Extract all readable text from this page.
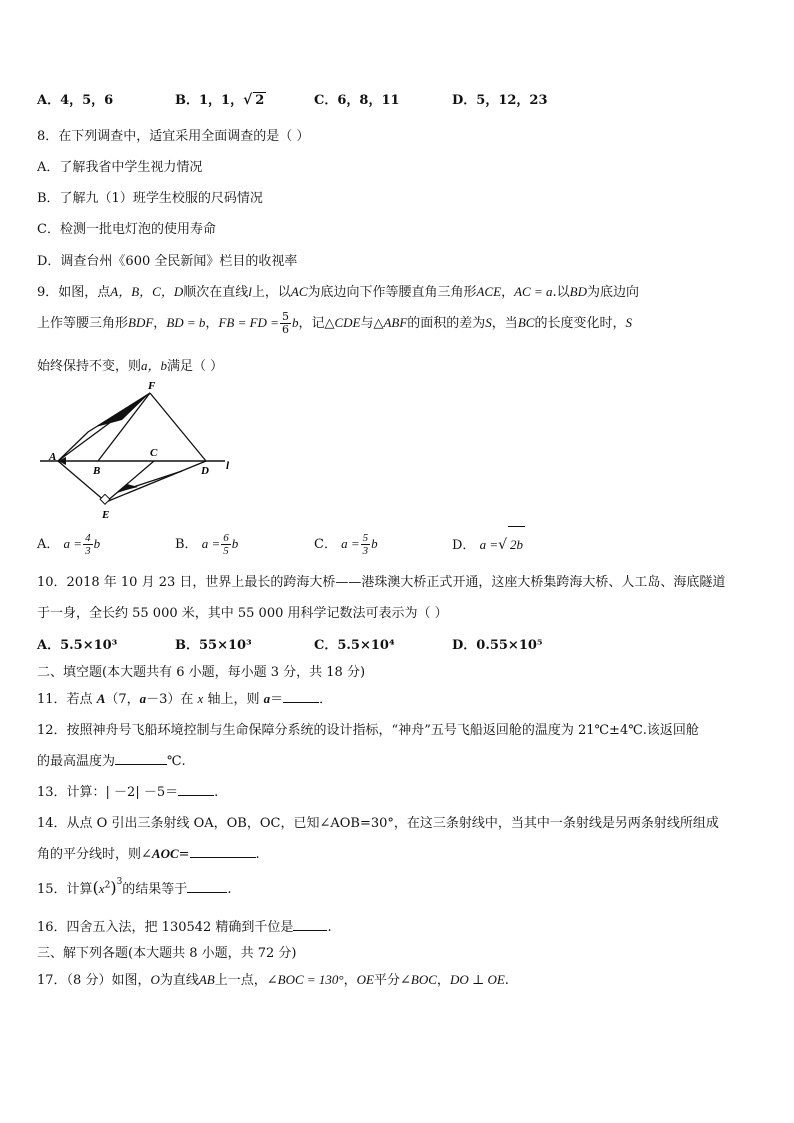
A．4，5，6	B．1，1，√ 2	C．6，8，11	D．5，12，23
8．在下列调查中，适宜采用全面调查的是（ ）
A．了解我省中学生视力情况
B．了解九（1）班学生校服的尺码情况
C．检测一批电灯泡的使用寿命
D．调查台州《600 全民新闻》栏目的收视率
9．如图，点A，B，C，D顺次在直线l上，以AC为底边向下作等腰直角三角形ACE，AC = a.以BD为底边向
上作等腰三角形BDF，BD = b，FB = FD = $\frac{5}{6}$ b，记△CDE与△ABF的面积的差为S，当BC的长度变化时，S
始终保持不变，则a，b满足（ ）
F
A
B
C
D l
E
A． $a = \frac{4}{3}$ b	B． $a = \frac{6}{5}$ b	C． $a = \frac{5}{3}$ b	D． a =√ 2b
10．2018 年 10 月 23 日，世界上最长的跨海大桥——港珠澳大桥正式开通，这座大桥集跨海大桥、人工岛、海底隧道
于一身，全长约 55 000 米，其中 55 000 用科学记数法可表示为（ ）
A．5.5×10³	B．55×10³	C．5.5×10⁴	D．0.55×10⁵
二、填空题(本大题共有 6 小题，每小题 3 分，共 18 分)
11．若点 A（7，a－3）在 x 轴上，则 a＝	．
12．按照神舟号飞船环境控制与生命保障分系统的设计指标，“神舟”五号飞船返回舱的温度为 21℃±4℃.该返回舱
的最高温度为	℃.
13．计算：| －2| －5＝	.
14．从点 O 引出三条射线 OA，OB，OC，已知∠AOB=30°，在这三条射线中，当其中一条射线是另两条射线所组成
角的平分线时，则∠AOC=	.
15．计算$(x^2)^3$的结果等于	.
16．四舍五入法，把 130542 精确到千位是	.
三、解下列各题(本大题共 8 小题，共 72 分)
17．（8 分）如图，O为直线AB上一点，∠BOC = 130°，OE平分∠BOC，DO ⊥ OE.
